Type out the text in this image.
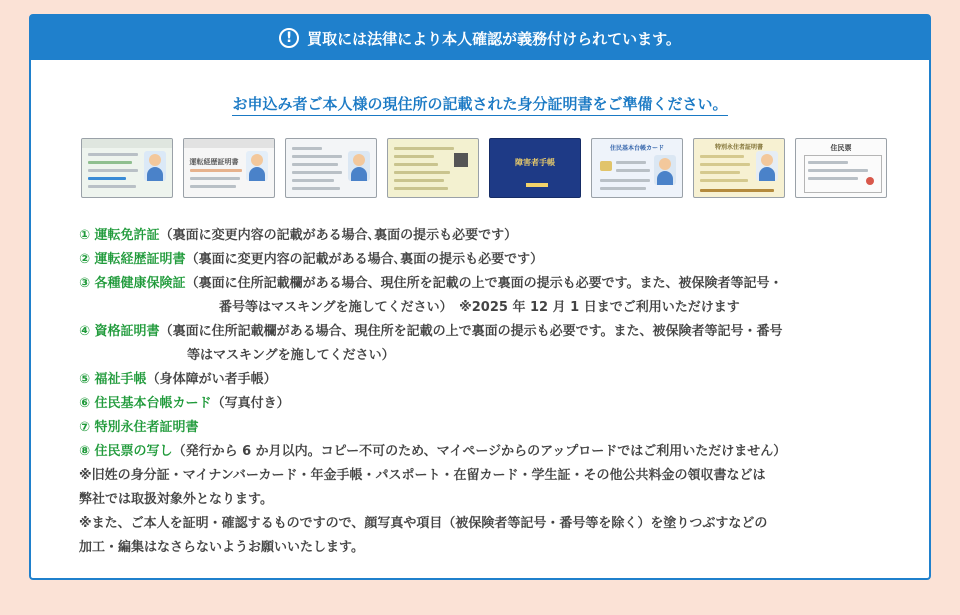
! 買取には法律により本人確認が義務付けられています。
お申込み者ご本人様の現住所の記載された身分証明書をご準備ください。
運転経歴証明書	障害者手帳
住民基本台帳カード	特別永住者証明書	住民票
① 運転免許証（裏面に変更内容の記載がある場合､裏面の提示も必要です）
② 運転経歴証明書（裏面に変更内容の記載がある場合､裏面の提示も必要です）
③ 各種健康保険証（裏面に住所記載欄がある場合、現住所を記載の上で裏面の提示も必要です。また、被保険者等記号・
番号等はマスキングを施してください）　※2025 年 12 月 1 日までご利用いただけます
④ 資格証明書（裏面に住所記載欄がある場合、現住所を記載の上で裏面の提示も必要です。また、被保険者等記号・番号
等はマスキングを施してください）
⑤ 福祉手帳（身体障がい者手帳）
⑥ 住民基本台帳カード（写真付き）
⑦ 特別永住者証明書
⑧ 住民票の写し（発行から 6 か月以内。コピー不可のため、マイページからのアップロードではご利用いただけません）
※旧姓の身分証・マイナンバーカード・年金手帳・パスポート・在留カード・学生証・その他公共料金の領収書などは
弊社では取扱対象外となります。
※また、ご本人を証明・確認するものですので、顔写真や項目（被保険者等記号・番号等を除く）を塗りつぶすなどの
加工・編集はなさらないようお願いいたします。
